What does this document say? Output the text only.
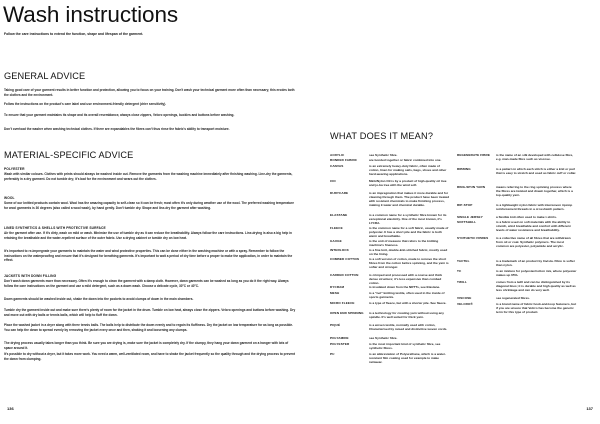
Wash instructions
Follow the care instructions to extend the function, shape and lifespan of the garment.
GENERAL ADVICE
Taking good care of your garment results in better function and protection, allowing you to focus on your training. Don't wash your technical garment more often than necessary; this erodes both the clothes and the environment.
Follow the instructions on the product's care label and use environment-friendly detergent (drier sensitivity).
To ensure that your garment maintains its shape and its overall resemblance, always close zippers, Velcro openings, buckles and buttons before washing.
Don't overload the washer when washing technical clothes. If there are expandables the fibres can't thus rinse the fabric's ability to transport moisture.
MATERIAL-SPECIFIC ADVICE
POLYESTER
Wash with similar colours. Clothes with prints should always be washed inside out. Remove the garments from the washing machine immediately after finishing washing. Line-dry the garments, preferably in a dry garment. Do not tumble dry; it's bad for the environment and wears out the clothes.
WOOL
Some of our knitted products contain wool. Wool has the amazing capacity to self-clean so it can be fresh; most often it's only during weather use of the wool. The preferred washing temperature for wool garments is 30 degrees (also called a wool wash), by hand gently. Don't tumble dry. Shape and line-dry the garment after washing.
LINED SYNTHETICS & SHELLS WITH PROTECTIVE SURFACE
Air the garment after use. If it's dirty, wash on mild or wash. Minimize the use of tumble dry as it can reduce the breathability. Always follow the care instructions. Line-drying is also a big help in retaining the breathable and the water-repellent surface of the outer fabric. Use a drying cabinet or tumble dry on low heat.
It's important to re-impregnate your garments to maintain the water and wind protective properties. This can be done either in the washing machine or with a spray. Remember to follow the instructions on the waterproofing and ensure that it's designed for breathing garments. It's important to wait a period of dry time before a proper to make the application, in order to maintain the effect.
JACKETS WITH DOWN FILLING
Don't wash down garments more than necessary. Often it's enough to clean the garment with a damp cloth. However, down garments can be washed as long as you do it the right way. Always follow the care instructions on the garment and use a mild detergent, such as a down wash. Choose a delicate cycle, 30°C or 40°C.
Down garments should be washed inside out, shake the down into the pockets to avoid clumps of down in the main chambers.
Tumble dry the garment inside out and make sure there's plenty of room for the jacket in the drum. Tumble on low heat, always close the zippers. Velcro openings and buttons before washing. Dry and move out with dry balls or tennis balls, which will help to fluff the down.
Place the washed jacket in a dryer along with three tennis balls. The balls help to distribute the down evenly and to regain its fluffiness. Dry the jacket on low temperature for as long as possible. You can help the down to spread evenly by removing the jacket every once and then, shaking it and loosening any clumps.
The drying process usually takes longer than you think. Be sure you are drying is, make sure the jacket is completely dry. If the clumpy, they hang your down garment on a hanger with lots of space around it.
It's possible to dry without a dryer, but it takes more work. You need a warm, well-ventilated room, and have to shake the jacket frequently so the quality through and the drying process to prevent the down from clumping.
136
WHAT DOES IT MEAN?
ACRYLIC	see Synthetic fibre.
BONDED FABRIC	are bonded together or fabric combined into one.
CANVAS	is an extremely heavy-duty fabric, often made of cotton, linen for making sails, bags, shoes and other hard-wearing applications.
CIO	Mink/Nylon Oil is by a product of high-quality oil tree and jo-ba tree with the wind soft.
DURYCARE	is an impregnation that makes it more durable and for cleaning through them. The product have been treated with resistant chemicals to make finishing process, making it water and chemical durable.
ELASTANE	is a common name for a synthetic fibre known for its exceptional elasticity. One of the most known, it's LYCRA.
FLEECE	is the common name for a soft fabric, usually made of polyester. It has a short pile and the fabric is both warm and breathable.
GAUGE	is the unit of measure that refers to the knitting machine's fineness.
INTERLOCK	is a fine knit, double-knit-stitched fabric, mostly used on the lining.
COMBED COTTON	is a soft version of cotton, made to remove the short fibres from the cotton before spinning, and the yarn is softer and stronger.
CARDED COTTON	is crimped and processed with a coarse and thick dense structure; it's less expensive than combed cotton.
DYCRAM	is insulated down from the NRTTs, see Elastane.
MESH	is a "net" knitting textile, often used in the inside of sports garments.
MICRO FLEECE	is a type of fleece, but with a shorter pile. See fleece.
OPEN END SPINNING is a technology for creating yarn without using any spindle. It's well suited for thick yarn.
PIQUÉ	is a woven textile, normally used with cotton, Characterised by raised and distinctive woven cords.
POLYAMIDE	see Synthetic fibre.
POLYESTER	is the most important kind of synthetic fibre, see synthetic fibres.
PU	is an abbreviation of Polyurethane, which is a water-resistant film coating used for example to make rainwear.
REGENERATE FIBRE	is the name of an silk developed with cellulose fibre, e.g. man-made fibre such as viscose.
RIBBING	is a pattern in which each stitch is either a knit or purl that is easy to stretch and used as fabric cuff or collar.
RING-SPUN YARN	means referring to the ring spinning process where the fibres are twisted and drawn together, which is a top-quality yarn.
RIP-STOP	is a lightweight nylon fabric with interwoven ripstop reinforcement threads in a crosshatch pattern.
SINGLE JERSEY	a flexible knit often used to make t-shirts.
SOFTSHELL	is a fabric used on soft materials with the ability to stretch, wind breathable and comfort with different levels of water resistance and breathability.
SYNTHETIC FIBRES	is a collective name of all fibres that are withdrawn from oil or coal. Synthetic polymers. The most common are polyester, polyamide and acrylic.
TACTEL	is a trademark of an product by Invista. Fibre is softer than nylon.
TC	is an mixture for polyester/cotton mix, where polyester makes up 65%.
TWILL	comes from a twill and can be distinguished by its diagonal lines; it is durable and high quality as well as less shrinkage and can do very well.
VISCOSE	see regenerated fibres.
VELCRO®	is a brand name of fabric hook-and-loop fasteners, but if you are unsure that Velcro has become the generic term for this type of product.
137
